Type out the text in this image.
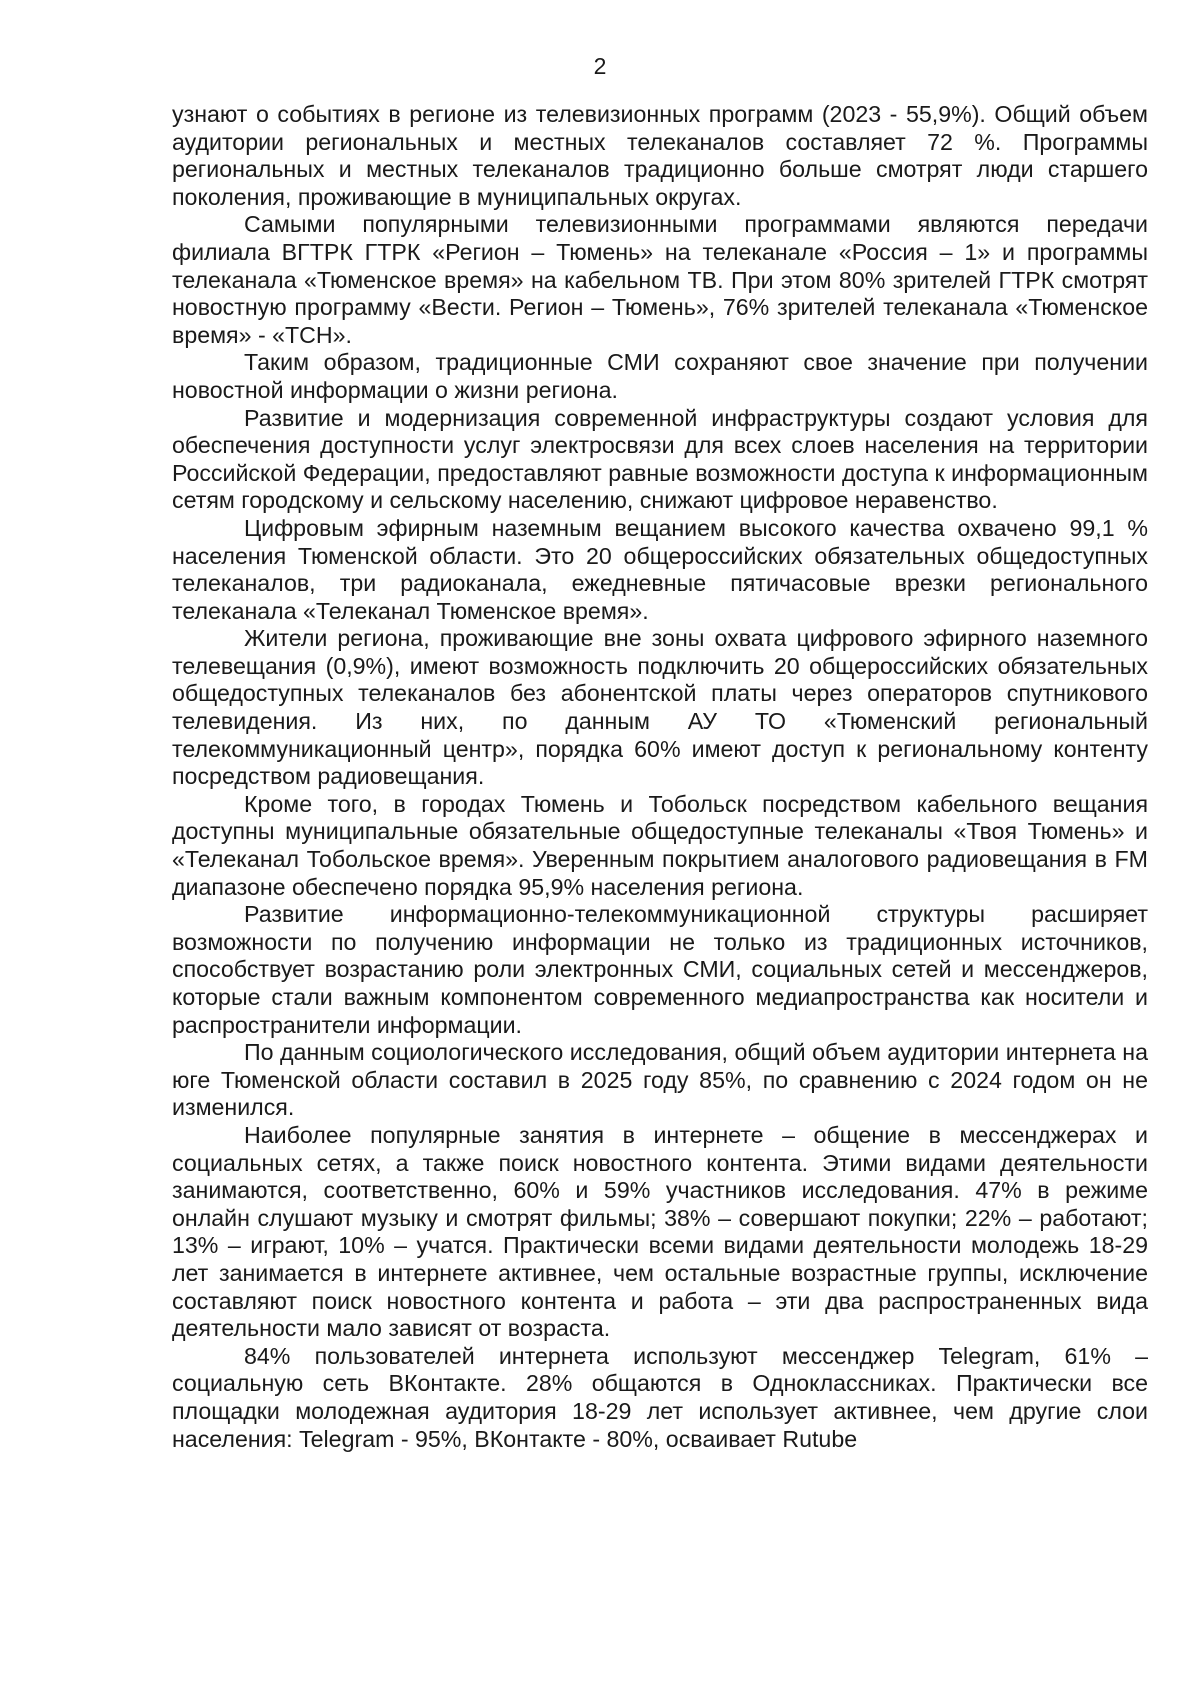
2

узнают о событиях в регионе из телевизионных программ (2023 - 55,9%). Общий объем аудитории региональных и местных телеканалов составляет 72 %. Программы региональных и местных телеканалов традиционно больше смотрят люди старшего поколения, проживающие в муниципальных округах.

Самыми популярными телевизионными программами являются передачи филиала ВГТРК ГТРК «Регион – Тюмень» на телеканале «Россия – 1» и программы телеканала «Тюменское время» на кабельном ТВ. При этом 80% зрителей ГТРК смотрят новостную программу «Вести. Регион – Тюмень», 76% зрителей телеканала «Тюменское время» - «ТСН».

Таким образом, традиционные СМИ сохраняют свое значение при получении новостной информации о жизни региона.

Развитие и модернизация современной инфраструктуры создают условия для обеспечения доступности услуг электросвязи для всех слоев населения на территории Российской Федерации, предоставляют равные возможности доступа к информационным сетям городскому и сельскому населению, снижают цифровое неравенство.

Цифровым эфирным наземным вещанием высокого качества охвачено 99,1 % населения Тюменской области. Это 20 общероссийских обязательных общедоступных телеканалов, три радиоканала, ежедневные пятичасовые врезки регионального телеканала «Телеканал Тюменское время».

Жители региона, проживающие вне зоны охвата цифрового эфирного наземного телевещания (0,9%), имеют возможность подключить 20 общероссийских обязательных общедоступных телеканалов без абонентской платы через операторов спутникового телевидения. Из них, по данным АУ ТО «Тюменский региональный телекоммуникационный центр», порядка 60% имеют доступ к региональному контенту посредством радиовещания.

Кроме того, в городах Тюмень и Тобольск посредством кабельного вещания доступны муниципальные обязательные общедоступные телеканалы «Твоя Тюмень» и «Телеканал Тобольское время». Уверенным покрытием аналогового радиовещания в FM диапазоне обеспечено порядка 95,9% населения региона.

Развитие информационно-телекоммуникационной структуры расширяет возможности по получению информации не только из традиционных источников, способствует возрастанию роли электронных СМИ, социальных сетей и мессенджеров, которые стали важным компонентом современного медиапространства как носители и распространители информации.

По данным социологического исследования, общий объем аудитории интернета на юге Тюменской области составил в 2025 году 85%, по сравнению с 2024 годом он не изменился.

Наиболее популярные занятия в интернете – общение в мессенджерах и социальных сетях, а также поиск новостного контента. Этими видами деятельности занимаются, соответственно, 60% и 59% участников исследования. 47% в режиме онлайн слушают музыку и смотрят фильмы; 38% – совершают покупки; 22% – работают; 13% – играют, 10% – учатся. Практически всеми видами деятельности молодежь 18-29 лет занимается в интернете активнее, чем остальные возрастные группы, исключение составляют поиск новостного контента и работа – эти два распространенных вида деятельности мало зависят от возраста.

84% пользователей интернета используют мессенджер Telegram, 61% – социальную сеть ВКонтакте. 28% общаются в Одноклассниках. Практически все площадки молодежная аудитория 18-29 лет использует активнее, чем другие слои населения: Telegram - 95%, ВКонтакте - 80%, осваивает Rutube
